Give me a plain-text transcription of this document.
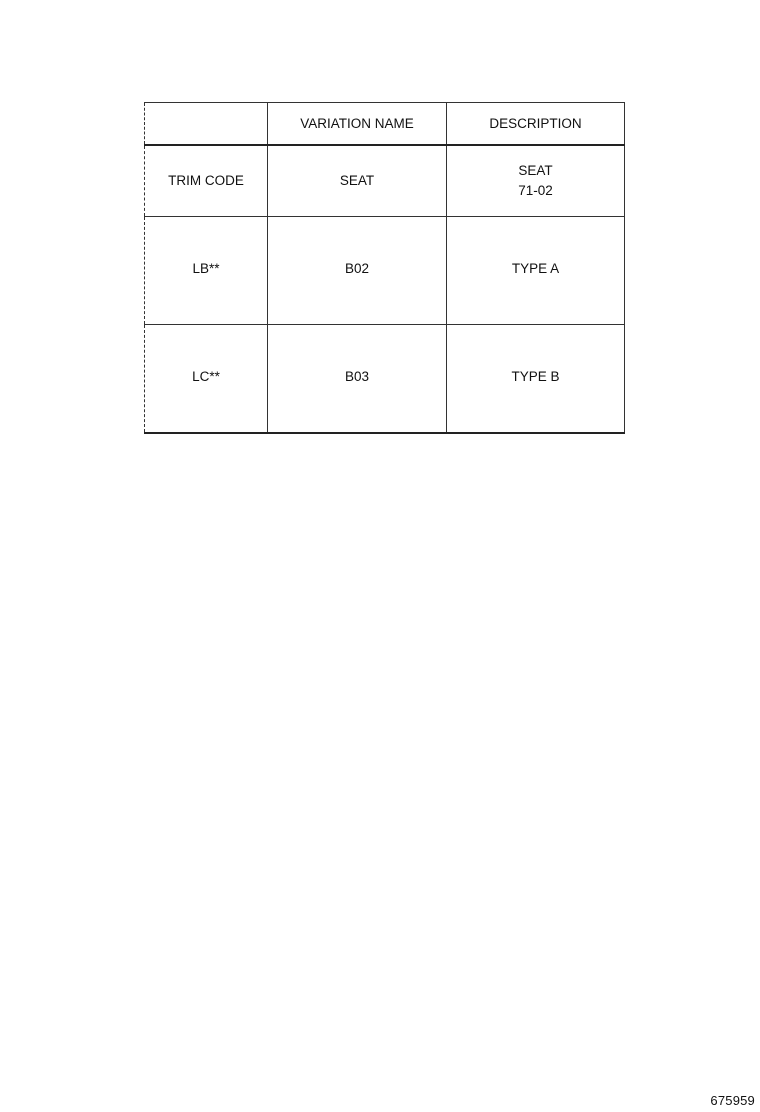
	VARIATION NAME	DESCRIPTION
TRIM CODE	SEAT	SEAT
71-02

LB**	B02	TYPE A
LC**	B03	TYPE B
675959
